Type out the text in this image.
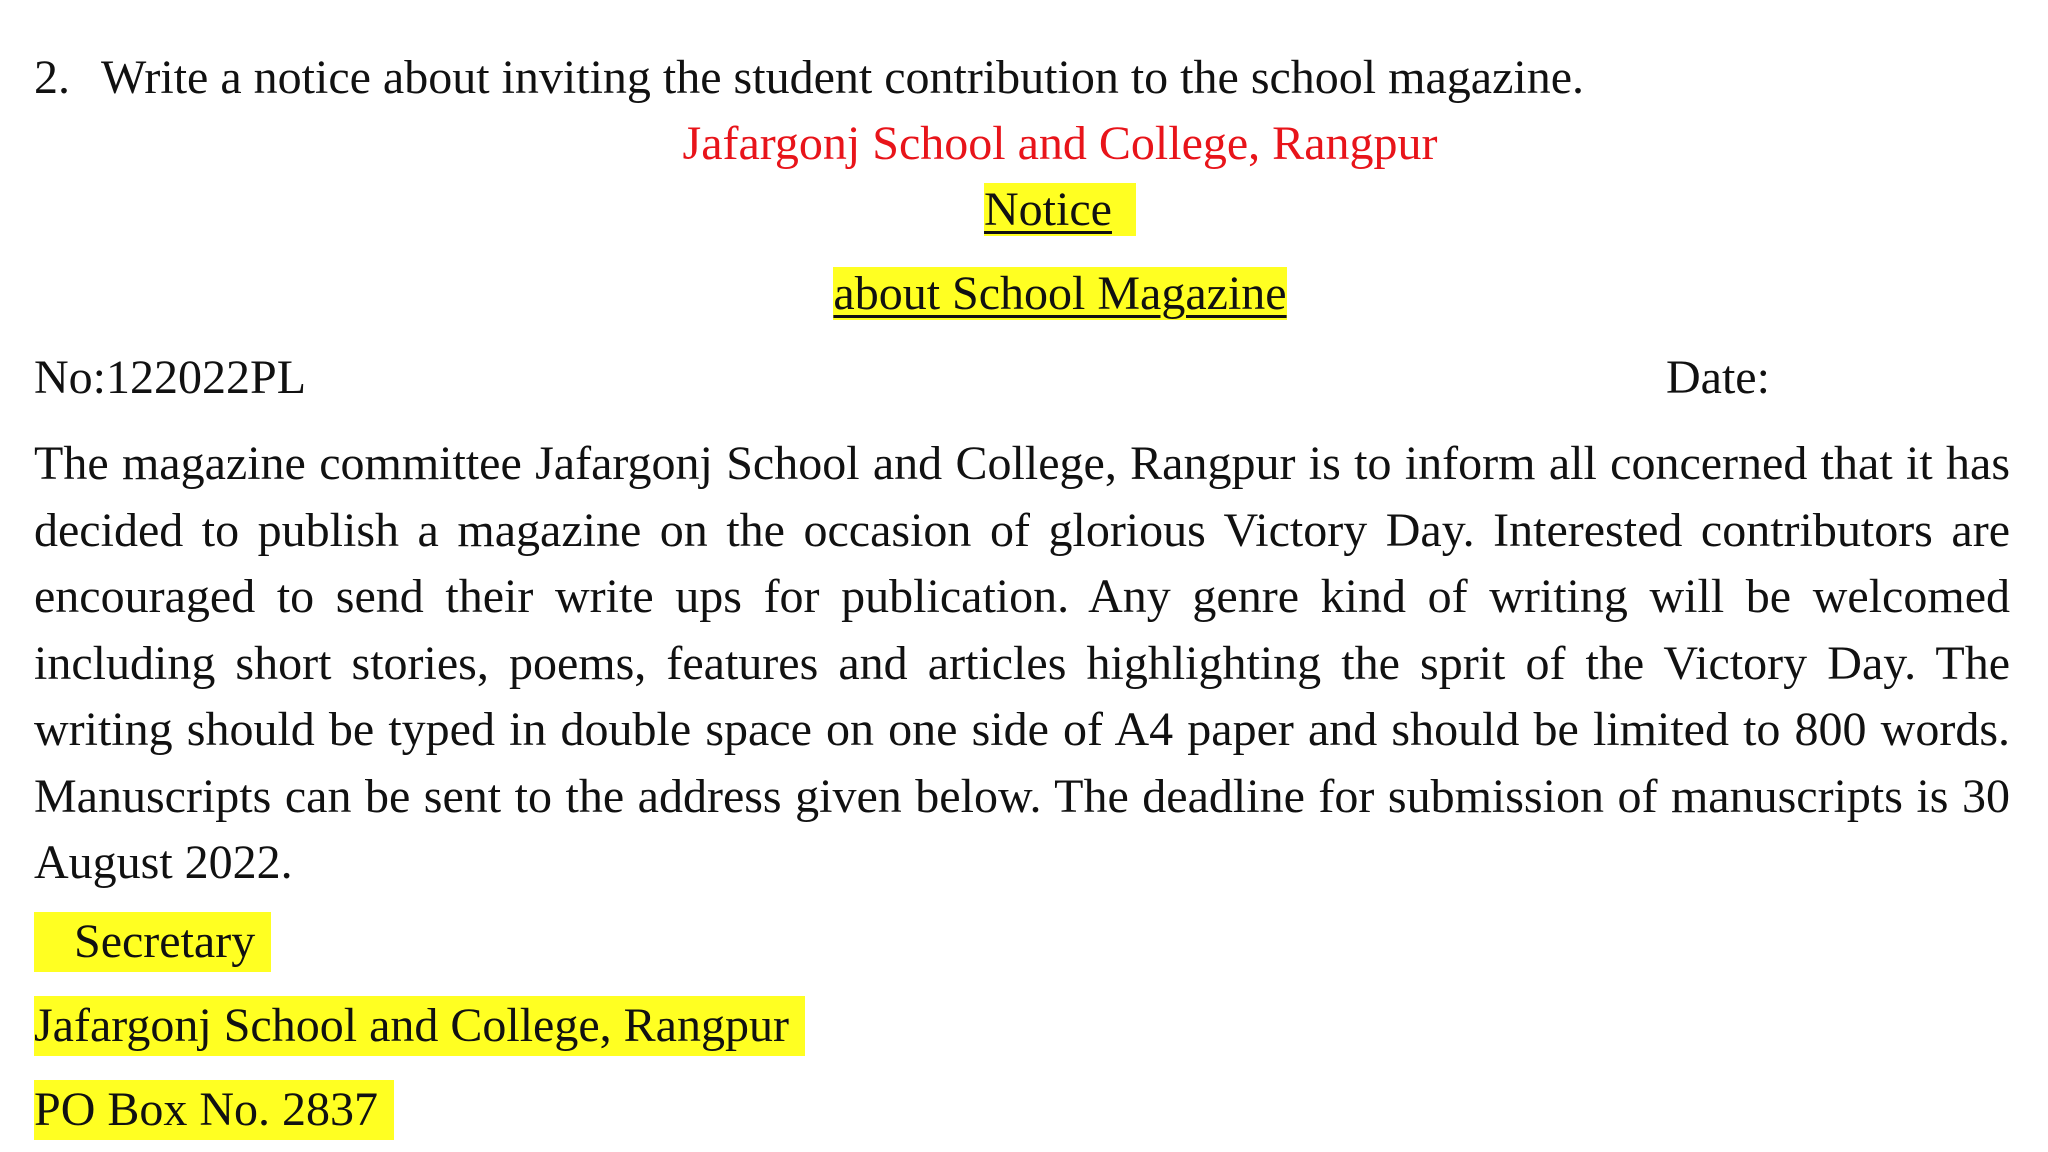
2. Write a notice about inviting the student contribution to the school magazine.
Jafargonj School and College, Rangpur
Notice
about School Magazine
No:122022PL	Date:
The magazine committee Jafargonj School and College, Rangpur is to inform all concerned that it has decided to publish a magazine on the occasion of glorious Victory Day. Interested contributors are encouraged to send their write ups for publication. Any genre kind of writing will be welcomed including short stories, poems, features and articles highlighting the sprit of the Victory Day. The writing should be typed in double space on one side of A4 paper and should be limited to 800 words. Manuscripts can be sent to the address given below. The deadline for submission of manuscripts is 30 August 2022.
Secretary
Jafargonj School and College, Rangpur
PO Box No. 2837
